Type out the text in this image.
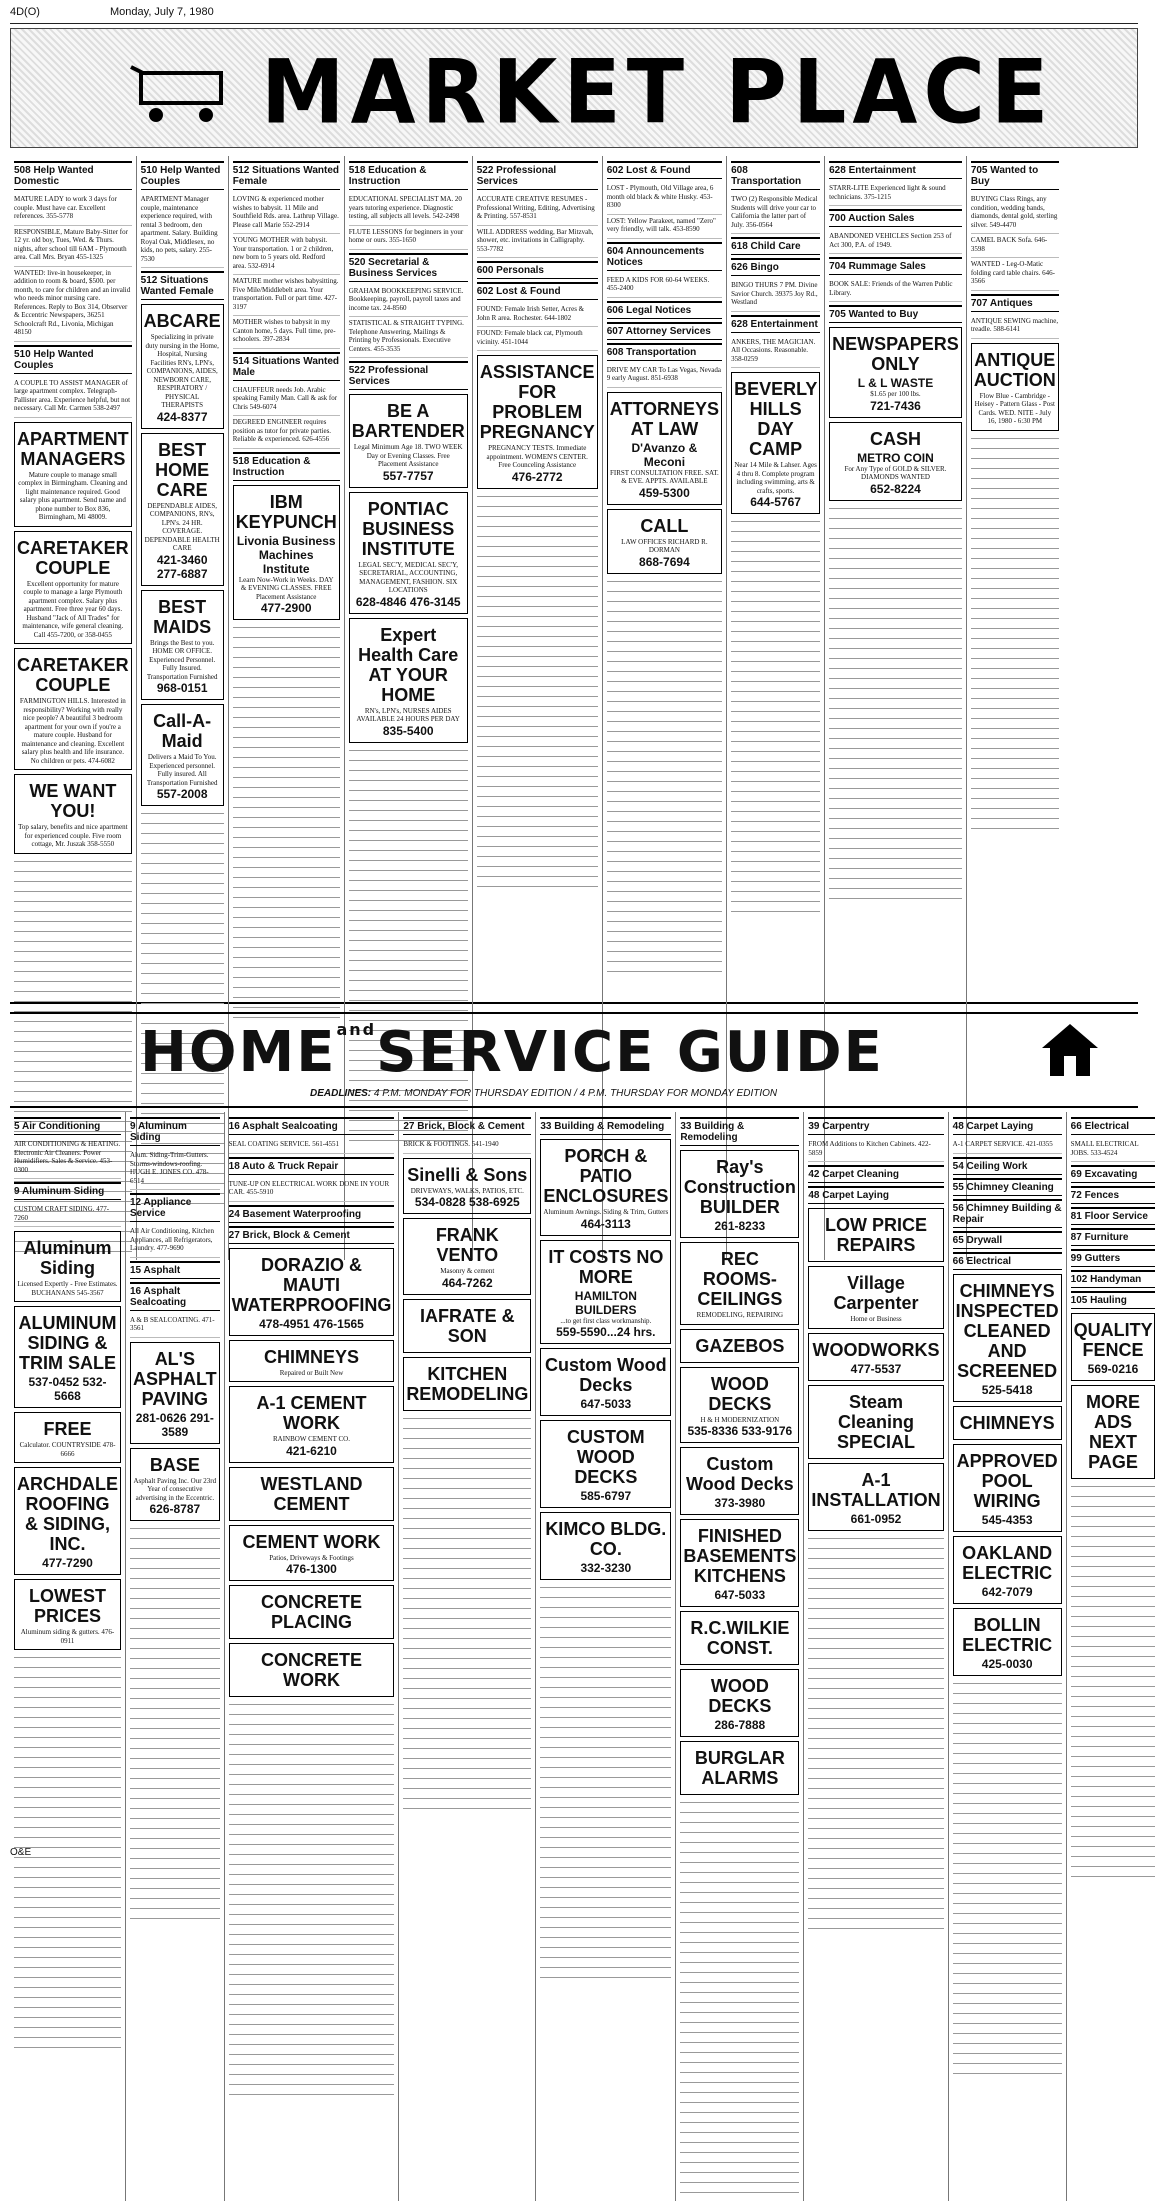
4D(O)	Monday, July 7, 1980
MARKET PLACE
508 Help Wanted Domestic
MATURE LADY to work 3 days for couple. Must have car. Excellent references. 355-5778
RESPONSIBLE, Mature Baby-Sitter for 12 yr. old boy, Tues, Wed. & Thurs. nights, after school till 6AM - Plymouth area. Call Mrs. Bryan 455-1325
WANTED: live-in housekeeper, in addition to room & board, $500. per month, to care for children and an invalid who needs minor nursing care. References. Reply to Box 314, Observer & Eccentric Newspapers, 36251 Schoolcraft Rd., Livonia, Michigan 48150
510 Help Wanted Couples
A COUPLE TO ASSIST MANAGER of large apartment complex. Telegraph-Pallister area. Experience helpful, but not necessary. Call Mr. Carmen 538-2497
APARTMENT MANAGERS
Mature couple to manage small complex in Birmingham. Cleaning and light maintenance required. Good salary plus apartment. Send name and phone number to Box 836, Birmingham, Mi 48009.
CARETAKER COUPLE
Excellent opportunity for mature couple to manage a large Plymouth apartment complex. Salary plus apartment. Free three year 60 days. Husband "Jack of All Trades" for maintenance, wife general cleaning. Call 455-7200, or 358-0455
CARETAKER COUPLE
FARMINGTON HILLS. Interested in responsibility? Working with really nice people? A beautiful 3 bedroom apartment for your own if you're a mature couple. Husband for maintenance and cleaning. Excellent salary plus health and life insurance. No children or pets. 474-6082
WE WANT YOU!
Top salary, benefits and nice apartment for experienced couple. Five room cottage, Mr. Juszak 358-5550
510 Help Wanted Couples
APARTMENT Manager couple, maintenance experience required, with rental 3 bedroom, den apartment. Salary. Building Royal Oak, Middlesex, no kids, no pets, salary. 255-7530
512 Situations Wanted Female
ABCARE
Specializing in private duty nursing in the Home, Hospital, Nursing Facilities RN's, LPN's, COMPANIONS, AIDES, NEWBORN CARE, RESPIRATORY / PHYSICAL THERAPISTS
424-8377
BEST HOME CARE
DEPENDABLE AIDES, COMPANIONS, RN's, LPN's. 24 HR. COVERAGE. DEPENDABLE HEALTH CARE
421-3460 277-6887
BEST MAIDS
Brings the Best to you. HOME OR OFFICE. Experienced Personnel. Fully Insured. Transportation Furnished
968-0151
Call-A-Maid
Delivers a Maid To You. Experienced personnel. Fully insured. All Transportation Furnished
557-2008
512 Situations Wanted Female
LOVING & experienced mother wishes to babysit. 11 Mile and Southfield Rds. area. Lathrup Village. Please call Marie 552-2914
YOUNG MOTHER with babysit. Your transportation. 1 or 2 children, new born to 5 years old. Redford area. 532-6914
MATURE mother wishes babysitting. Five Mile/Middlebelt area. Your transportation. Full or part time. 427-3197
MOTHER wishes to babysit in my Canton home, 5 days. Full time, pre-schoolers. 397-2834
514 Situations Wanted Male
CHAUFFEUR needs Job. Arabic speaking Family Man. Call & ask for Chris 549-6074
DEGREED ENGINEER requires position as tutor for private parties. Reliable & experienced. 626-4556
518 Education & Instruction
IBM KEYPUNCH
Livonia Business Machines Institute
Learn Now-Work in Weeks. DAY & EVENING CLASSES. FREE Placement Assistance
477-2900
518 Education & Instruction
EDUCATIONAL SPECIALIST MA. 20 years tutoring experience. Diagnostic testing, all subjects all levels. 542-2498
FLUTE LESSONS for beginners in your home or ours. 355-1650
520 Secretarial & Business Services
GRAHAM BOOKKEEPING SERVICE. Bookkeeping, payroll, payroll taxes and income tax. 24-8560
STATISTICAL & STRAIGHT TYPING. Telephone Answering, Mailings & Printing by Professionals. Executive Centers. 455-3535
522 Professional Services
BE A BARTENDER
Legal Minimum Age 18. TWO WEEK Day or Evening Classes. Free Placement Assistance
557-7757
PONTIAC BUSINESS INSTITUTE
LEGAL SEC'Y, MEDICAL SEC'Y, SECRETARIAL, ACCOUNTING, MANAGEMENT, FASHION. SIX LOCATIONS
628-4846 476-3145
Expert Health Care AT YOUR HOME
RN's, LPN's, NURSES AIDES AVAILABLE 24 HOURS PER DAY
835-5400
522 Professional Services
ACCURATE CREATIVE RESUMES - Professional Writing, Editing, Advertising & Printing. 557-8531
WILL ADDRESS wedding, Bar Mitzvah, shower, etc. invitations in Calligraphy. 553-7782
600 Personals
602 Lost & Found
FOUND: Female Irish Setter, Acres & John R area. Rochester. 644-1802
FOUND: Female black cat, Plymouth vicinity. 451-1044
ASSISTANCE FOR PROBLEM PREGNANCY
PREGNANCY TESTS. Immediate appointment. WOMEN'S CENTER. Free Counceling Assistance
476-2772
602 Lost & Found
LOST - Plymouth, Old Village area, 6 month old black & white Husky. 453-8300
LOST: Yellow Parakeet, named "Zero" very friendly, will talk. 453-8590
604 Announcements Notices
FEED A KIDS FOR 60-64 WEEKS. 455-2400
606 Legal Notices
607 Attorney Services
608 Transportation
DRIVE MY CAR To Las Vegas, Nevada 9 early August. 851-6938
ATTORNEYS AT LAW
D'Avanzo & Meconi
FIRST CONSULTATION FREE. SAT. & EVE. APPTS. AVAILABLE
459-5300
CALL
LAW OFFICES RICHARD R. DORMAN
868-7694
608 Transportation
TWO (2) Responsible Medical Students will drive your car to California the latter part of July. 356-0564
618 Child Care
626 Bingo
BINGO THURS 7 PM. Divine Savior Church. 39375 Joy Rd., Westland
628 Entertainment
ANKERS, THE MAGICIAN. All Occasions. Reasonable. 358-0259
BEVERLY HILLS DAY CAMP
Near 14 Mile & Lahser. Ages 4 thru 8. Complete program including swimming, arts & crafts, sports.
644-5767
628 Entertainment
STARR-LITE Experienced light & sound technicians. 375-1215
700 Auction Sales
ABANDONED VEHICLES Section 253 of Act 300, P.A. of 1949.
704 Rummage Sales
BOOK SALE: Friends of the Warren Public Library.
705 Wanted to Buy
NEWSPAPERS ONLY
L & L WASTE
$1.65 per 100 lbs.
721-7436
CASH
METRO COIN
For Any Type of GOLD & SILVER. DIAMONDS WANTED
652-8224
705 Wanted to Buy
BUYING Class Rings, any condition, wedding bands, diamonds, dental gold, sterling silver. 549-4470
CAMEL BACK Sofa. 646-3598
WANTED - Leg-O-Matic folding card table chairs. 646-3566
707 Antiques
ANTIQUE SEWING machine, treadle. 588-6141
ANTIQUE AUCTION
Flow Blue - Cambridge - Heisey - Pattern Glass - Post Cards. WED. NITE - July 16, 1980 - 6:30 PM
$HOME^{and}SERVICE$ GUIDE
DEADLINES: 4 P.M. MONDAY FOR THURSDAY EDITION / 4 P.M. THURSDAY FOR MONDAY EDITION
5 Air Conditioning
AIR CONDITIONING & HEATING. Electronic Air Cleaners. Power Humidifiers. Sales & Service. 453-0300
9 Aluminum Siding
CUSTOM CRAFT SIDING. 477-7260
Aluminum Siding
Licensed Expertly - Free Estimates. BUCHANANS 545-3567
ALUMINUM SIDING & TRIM SALE
537-0452 532-5668
FREE
Calculator. COUNTRYSIDE 478-6666
ARCHDALE ROOFING & SIDING, INC.
477-7290
LOWEST PRICES
Aluminum siding & gutters. 476-0911
9 Aluminum Siding
Alum. Siding-Trim-Gutters. Storms-windows-roofing. HUGH E. JONES CO. 478-6514
12 Appliance Service
All Air Conditioning, Kitchen Appliances, all Refrigerators, Laundry. 477-9690
15 Asphalt
16 Asphalt Sealcoating
A & B SEALCOATING. 471-3561
AL'S ASPHALT PAVING
281-0626 291-3589
BASE
Asphalt Paving Inc. Our 23rd Year of consecutive advertising in the Eccentric.
626-8787
16 Asphalt Sealcoating
SEAL COATING SERVICE. 561-4551
18 Auto & Truck Repair
TUNE-UP ON ELECTRICAL WORK DONE IN YOUR CAR. 455-5910
24 Basement Waterproofing
27 Brick, Block & Cement
DORAZIO & MAUTI WATERPROOFING
478-4951 476-1565
CHIMNEYS
Repaired or Built New
A-1 CEMENT WORK
RAINBOW CEMENT CO.
421-6210
WESTLAND CEMENT
CEMENT WORK
Patios, Driveways & Footings
476-1300
CONCRETE PLACING
CONCRETE WORK
27 Brick, Block & Cement
BRICK & FOOTINGS. 541-1940
Sinelli & Sons
DRIVEWAYS, WALKS, PATIOS, ETC.
534-0828 538-6925
FRANK VENTO
Masonry & cement
464-7262
IAFRATE & SON
KITCHEN REMODELING
33 Building & Remodeling
PORCH & PATIO ENCLOSURES
Aluminum Awnings. Siding & Trim, Gutters
464-3113
IT COSTS NO MORE
HAMILTON BUILDERS
...to get first class workmanship.
559-5590...24 hrs.
Custom Wood Decks
647-5033
CUSTOM WOOD DECKS
585-6797
KIMCO BLDG. CO.
332-3230
33 Building & Remodeling
Ray's Construction BUILDER
261-8233
REC ROOMS-CEILINGS
REMODELING, REPAIRING
GAZEBOS
WOOD DECKS
H & H MODERNIZATION
535-8336 533-9176
Custom Wood Decks
373-3980
FINISHED BASEMENTS KITCHENS
647-5033
R.C.WILKIE CONST.
WOOD DECKS
286-7888
BURGLAR ALARMS
39 Carpentry
FROM Additions to Kitchen Cabinets. 422-5859
42 Carpet Cleaning
48 Carpet Laying
LOW PRICE REPAIRS
Village Carpenter
Home or Business
WOODWORKS
477-5537
Steam Cleaning SPECIAL
A-1 INSTALLATION
661-0952
48 Carpet Laying
A-1 CARPET SERVICE. 421-0355
54 Ceiling Work
55 Chimney Cleaning
56 Chimney Building & Repair
65 Drywall
66 Electrical
CHIMNEYS INSPECTED CLEANED AND SCREENED
525-5418
CHIMNEYS
APPROVED POOL WIRING
545-4353
OAKLAND ELECTRIC
642-7079
BOLLIN ELECTRIC
425-0030
66 Electrical
SMALL ELECTRICAL JOBS. 533-4524
69 Excavating
72 Fences
81 Floor Service
87 Furniture
99 Gutters
102 Handyman
105 Hauling
QUALITY FENCE
569-0216
MORE ADS NEXT PAGE
O&E
